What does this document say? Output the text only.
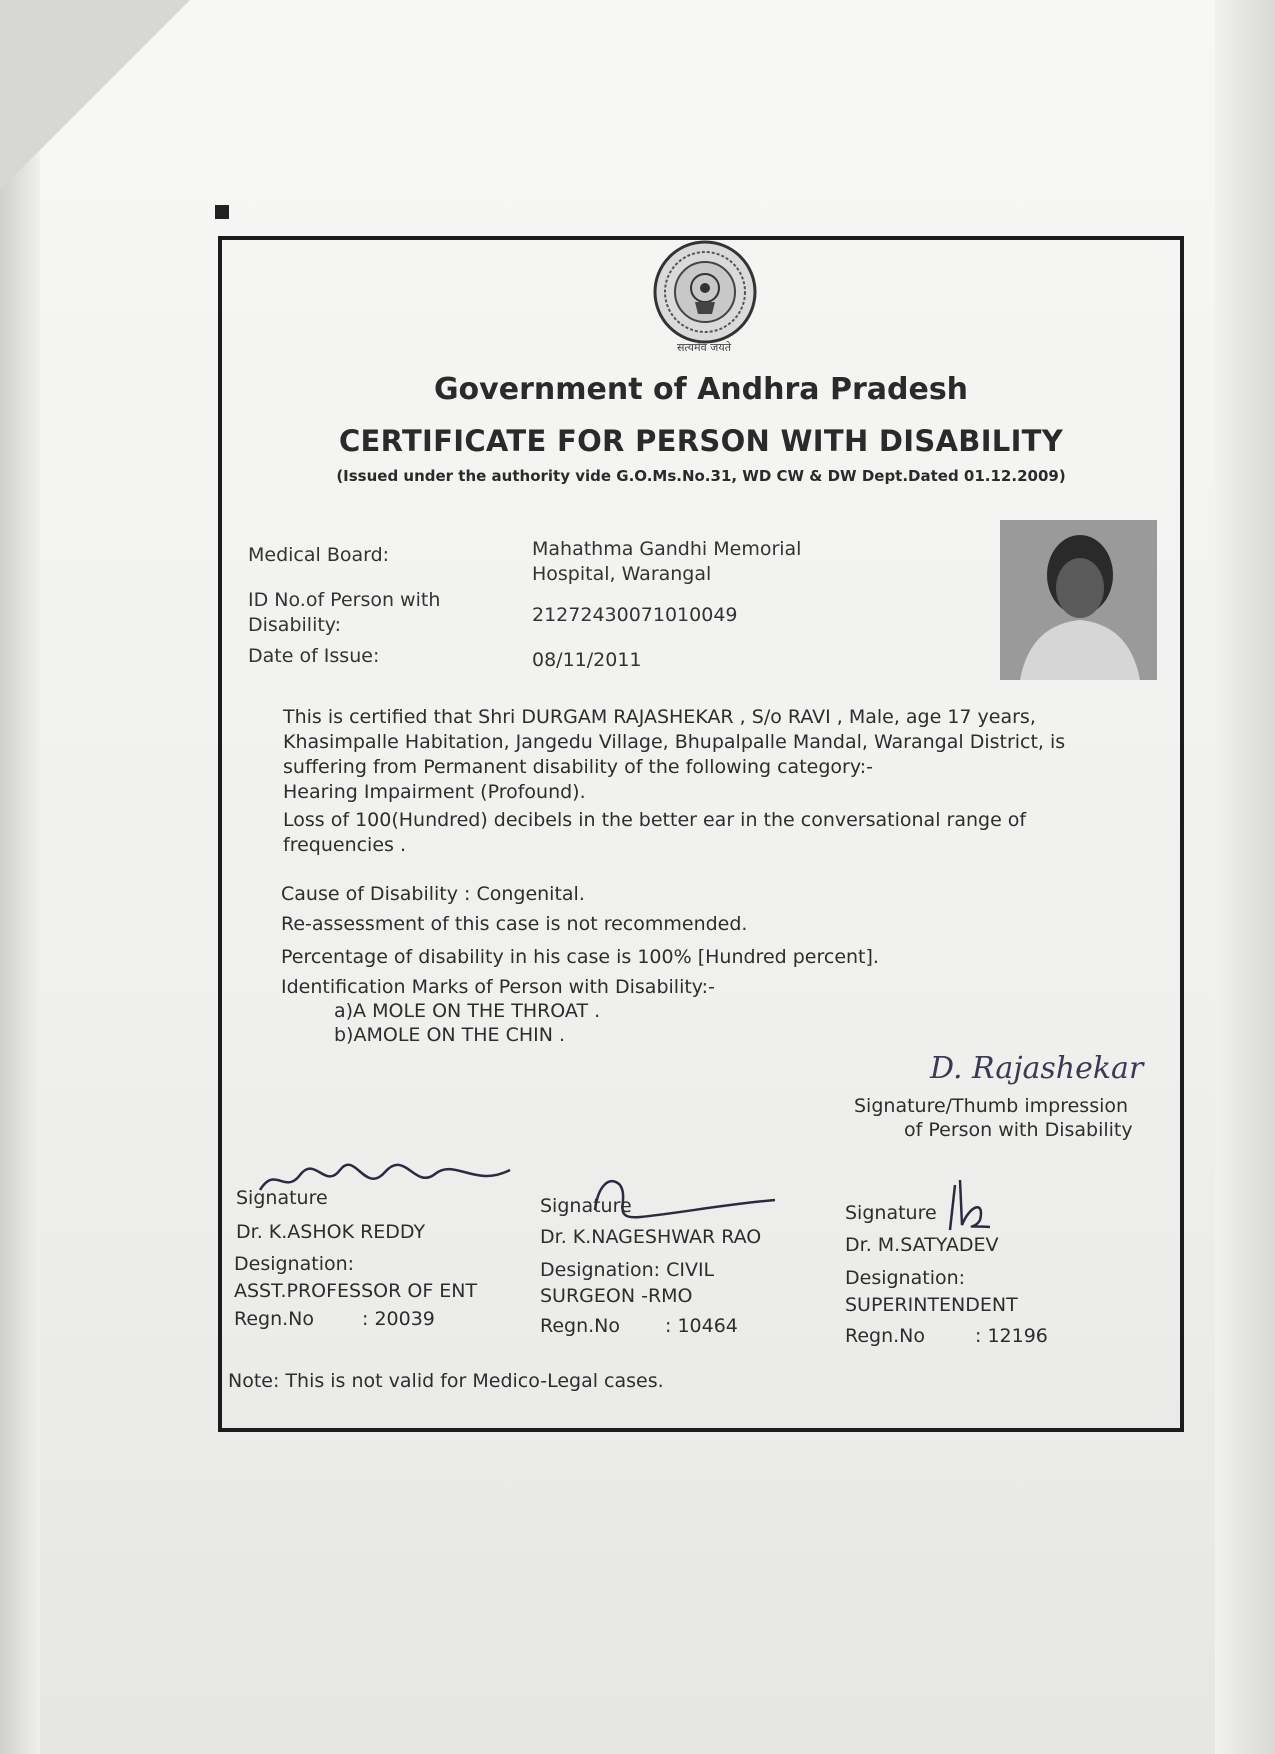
सत्यमेव जयते
Government of Andhra Pradesh
CERTIFICATE FOR PERSON WITH DISABILITY
(Issued under the authority vide G.O.Ms.No.31, WD CW & DW Dept.Dated 01.12.2009)
Medical Board:	Mahathma Gandhi Memorial
Hospital, Warangal
ID No.of Person with
Disability:	21272430071010049
Date of Issue:	08/11/2011
This is certified that Shri DURGAM RAJASHEKAR , S/o RAVI , Male, age 17 years,
Khasimpalle Habitation, Jangedu Village, Bhupalpalle Mandal, Warangal District, is
suffering from Permanent disability of the following category:-
Hearing Impairment (Profound).
Loss of 100(Hundred) decibels in the better ear in the conversational range of
frequencies .
Cause of Disability : Congenital.
Re-assessment of this case is not recommended.
Percentage of disability in his case is 100% [Hundred percent].
Identification Marks of Person with Disability:-
a)A MOLE ON THE THROAT .
b)AMOLE ON THE CHIN .
D. Rajashekar
Signature/Thumb impression
of Person with Disability
Signature
Dr. K.ASHOK REDDY
Designation:
ASST.PROFESSOR OF ENT
Regn.No	: 20039
Signature
Dr. K.NAGESHWAR RAO
Designation: CIVIL
SURGEON -RMO
Regn.No : 10464
Signature
Dr. M.SATYADEV
Designation:
SUPERINTENDENT
Regn.No	: 12196
Note: This is not valid for Medico-Legal cases.
